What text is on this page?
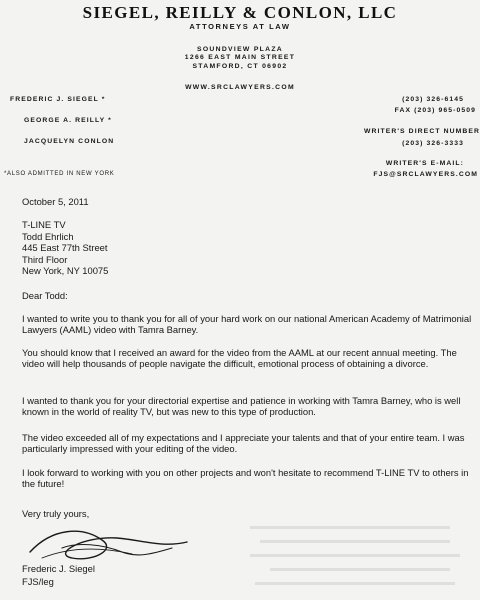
SIEGEL, REILLY & CONLON, LLC
ATTORNEYS AT LAW
SOUNDVIEW PLAZA
1266 EAST MAIN STREET
STAMFORD, CT 06902
WWW.SRCLAWYERS.COM
FREDERIC J. SIEGEL *
GEORGE A. REILLY *
JACQUELYN CONLON
*ALSO ADMITTED IN NEW YORK
(203) 326-6145
FAX (203) 965-0509
WRITER'S DIRECT NUMBER
(203) 326-3333
WRITER'S E-MAIL:
FJS@SRCLAWYERS.COM
October 5, 2011
T-LINE TV
Todd Ehrlich
445 East 77th Street
Third Floor
New York, NY 10075
Dear Todd:
I wanted to write you to thank you for all of your hard work on our national American Academy of Matrimonial Lawyers (AAML) video with Tamra Barney.
You should know that I received an award for the video from the AAML at our recent annual meeting. The video will help thousands of people navigate the difficult, emotional process of obtaining a divorce.
I wanted to thank you for your directorial expertise and patience in working with Tamra Barney, who is well known in the world of reality TV, but was new to this type of production.
The video exceeded all of my expectations and I appreciate your talents and that of your entire team. I was particularly impressed with your editing of the video.
I look forward to working with you on other projects and won't hesitate to recommend T-LINE TV to others in the future!
Very truly yours,
Frederic J. Siegel
FJS/leg
